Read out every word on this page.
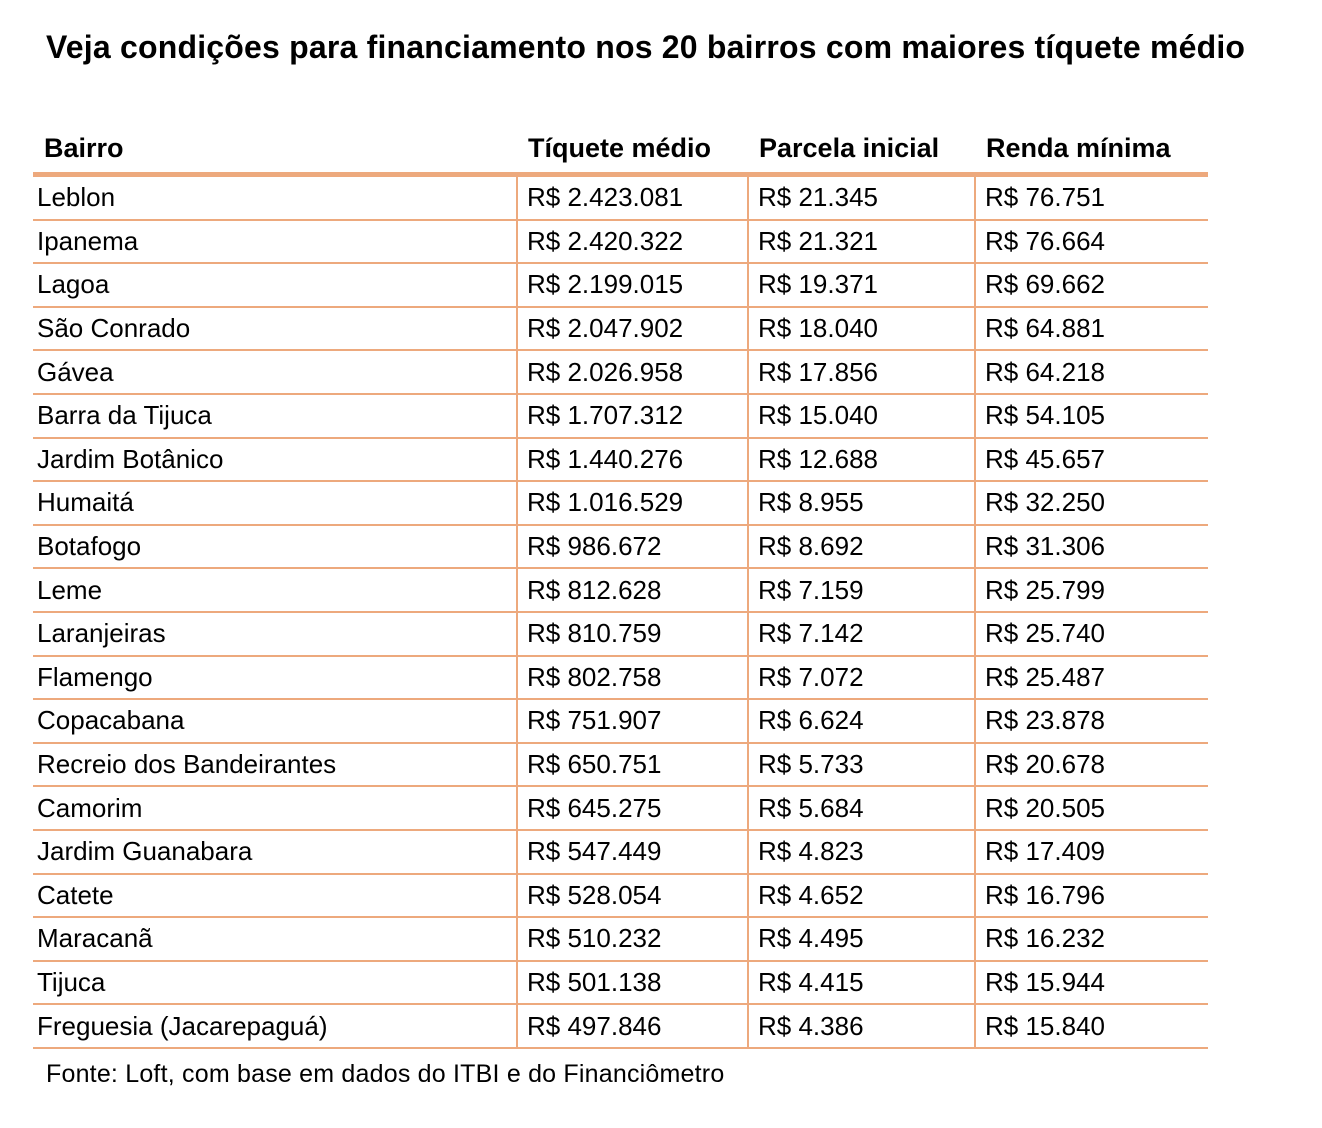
Veja condições para financiamento nos 20 bairros com maiores tíquete médio
Bairro	Tíquete médio	Parcela inicial	Renda mínima
Leblon	R$ 2.423.081	R$ 21.345	R$ 76.751
Ipanema	R$ 2.420.322	R$ 21.321	R$ 76.664
Lagoa	R$ 2.199.015	R$ 19.371	R$ 69.662
São Conrado	R$ 2.047.902	R$ 18.040	R$ 64.881
Gávea	R$ 2.026.958	R$ 17.856	R$ 64.218
Barra da Tijuca	R$ 1.707.312	R$ 15.040	R$ 54.105
Jardim Botânico	R$ 1.440.276	R$ 12.688	R$ 45.657
Humaitá	R$ 1.016.529	R$ 8.955	R$ 32.250
Botafogo	R$ 986.672	R$ 8.692	R$ 31.306
Leme	R$ 812.628	R$ 7.159	R$ 25.799
Laranjeiras	R$ 810.759	R$ 7.142	R$ 25.740
Flamengo	R$ 802.758	R$ 7.072	R$ 25.487
Copacabana	R$ 751.907	R$ 6.624	R$ 23.878
Recreio dos Bandeirantes	R$ 650.751	R$ 5.733	R$ 20.678
Camorim	R$ 645.275	R$ 5.684	R$ 20.505
Jardim Guanabara	R$ 547.449	R$ 4.823	R$ 17.409
Catete	R$ 528.054	R$ 4.652	R$ 16.796
Maracanã	R$ 510.232	R$ 4.495	R$ 16.232
Tijuca	R$ 501.138	R$ 4.415	R$ 15.944
Freguesia (Jacarepaguá)	R$ 497.846	R$ 4.386	R$ 15.840
Fonte: Loft, com base em dados do ITBI e do Financiômetro
